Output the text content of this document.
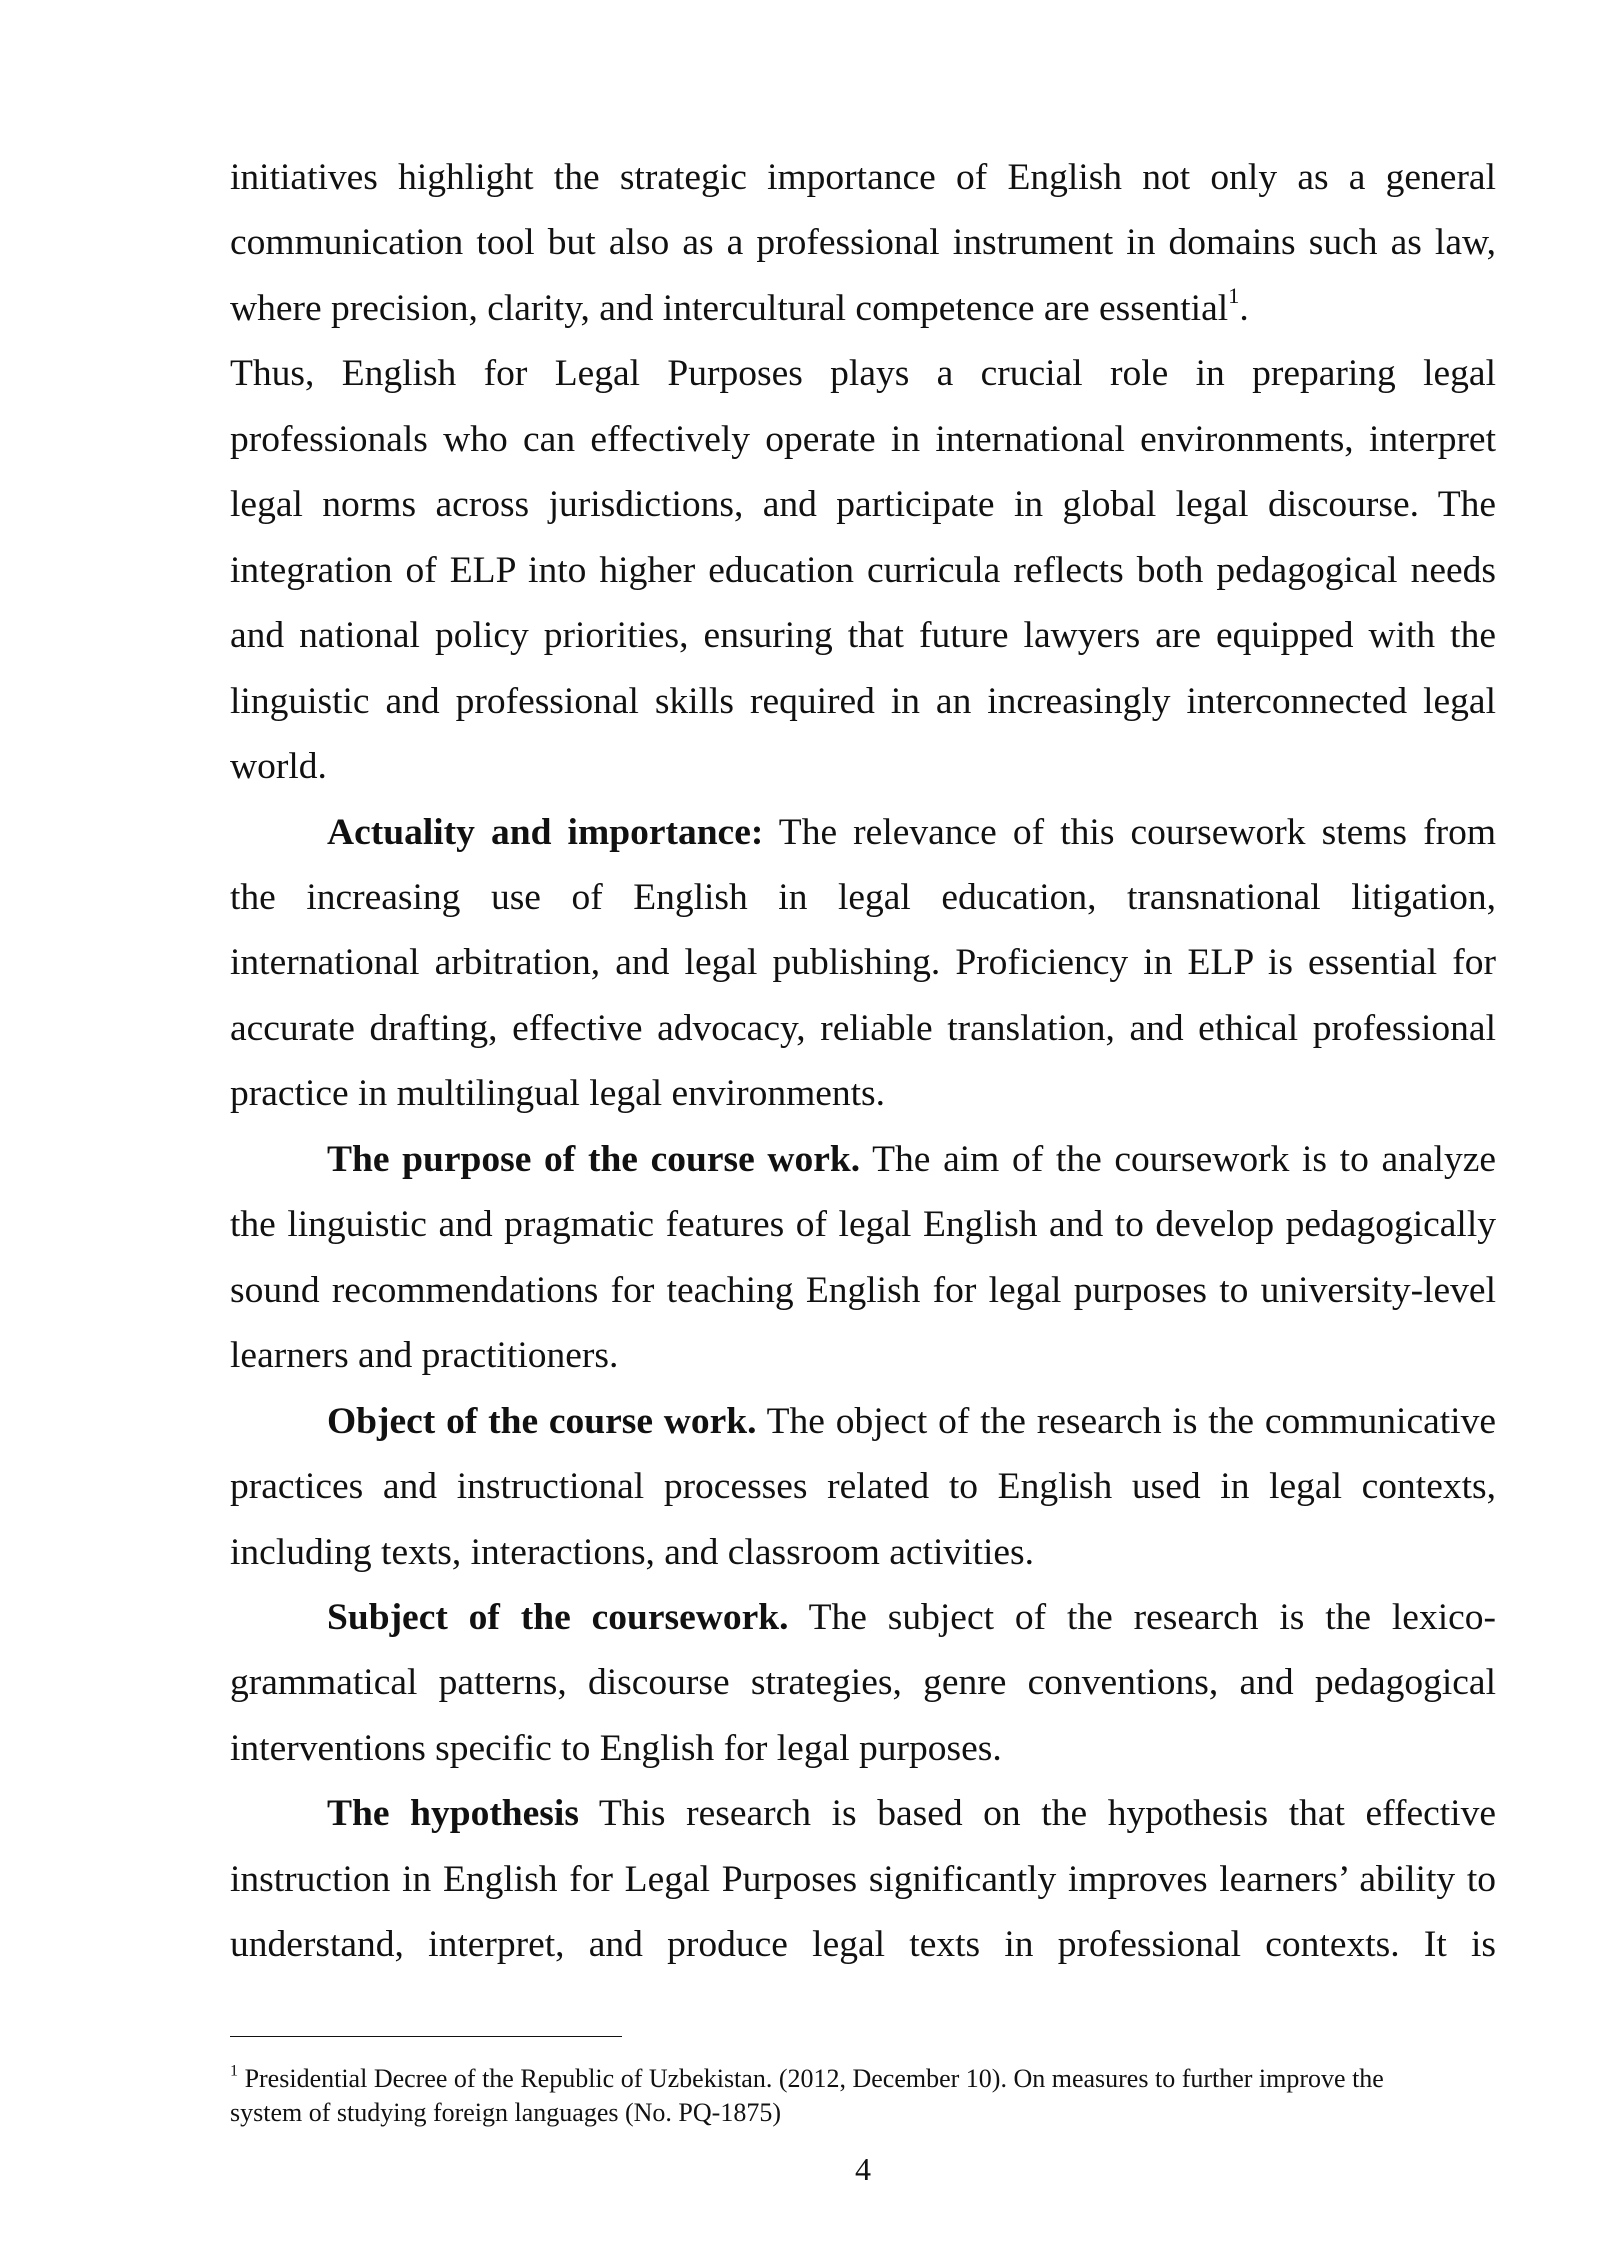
initiatives highlight the strategic importance of English not only as a general
communication tool but also as a professional instrument in domains such as law,
where precision, clarity, and intercultural competence are essential$^1$.
Thus, English for Legal Purposes plays a crucial role in preparing legal
professionals who can effectively operate in international environments, interpret
legal norms across jurisdictions, and participate in global legal discourse. The
integration of ELP into higher education curricula reflects both pedagogical needs
and national policy priorities, ensuring that future lawyers are equipped with the
linguistic and professional skills required in an increasingly interconnected legal
world.
Actuality and importance: The relevance of this coursework stems from
the increasing use of English in legal education, transnational litigation,
international arbitration, and legal publishing. Proficiency in ELP is essential for
accurate drafting, effective advocacy, reliable translation, and ethical professional
practice in multilingual legal environments.
The purpose of the course work. The aim of the coursework is to analyze
the linguistic and pragmatic features of legal English and to develop pedagogically
sound recommendations for teaching English for legal purposes to university-level
learners and practitioners.
Object of the course work. The object of the research is the communicative
practices and instructional processes related to English used in legal contexts,
including texts, interactions, and classroom activities.
Subject of the coursework. The subject of the research is the lexico-
grammatical patterns, discourse strategies, genre conventions, and pedagogical
interventions specific to English for legal purposes.
The hypothesis This research is based on the hypothesis that effective
instruction in English for Legal Purposes significantly improves learners’ ability to
understand, interpret, and produce legal texts in professional contexts. It is
$^1$ Presidential Decree of the Republic of Uzbekistan. (2012, December 10). On measures to further improve the
system of studying foreign languages (No. PQ-1875)
4
